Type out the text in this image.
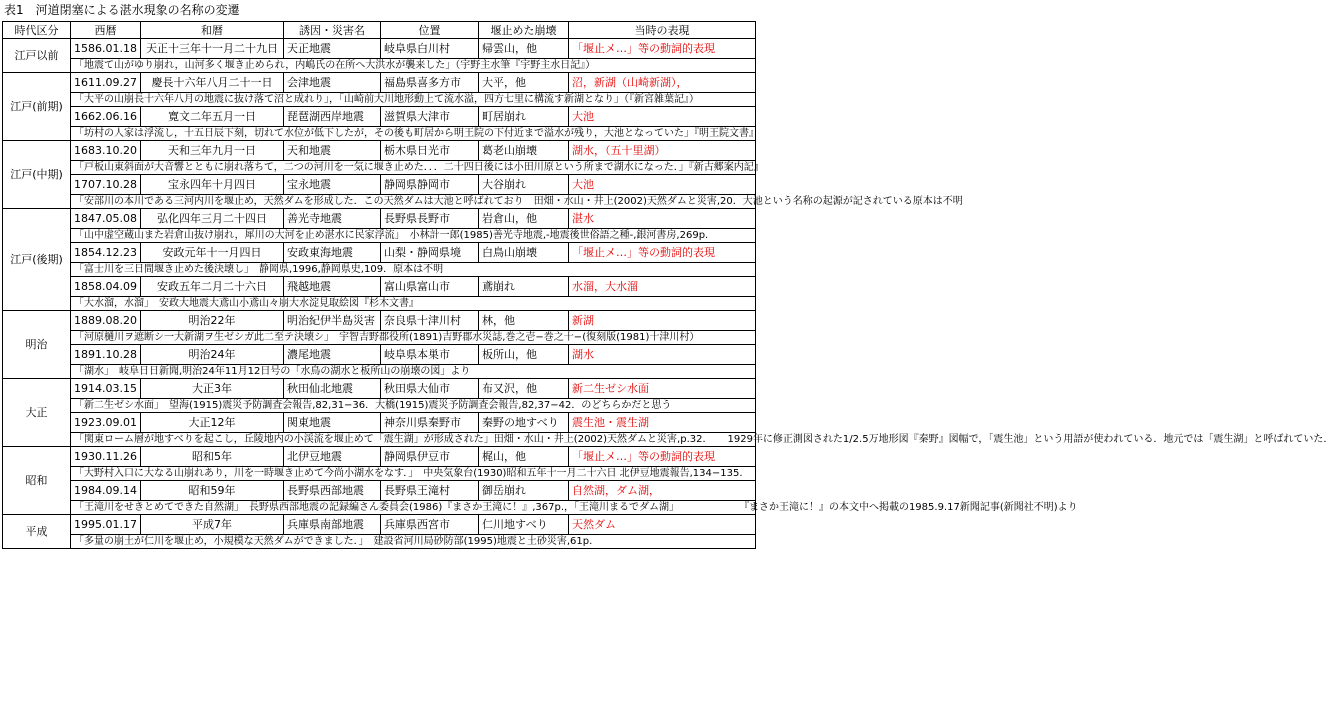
表1　河道閉塞による湛水現象の名称の変遷
時代区分	西暦	和暦	誘因・災害名	位置	堰止めた崩壊	当時の表現
江戸以前	1586.01.18	天正十三年十一月二十九日	天正地震	岐阜県白川村	帰雲山，他	「堰止メ…」等の動詞的表現
	「地震て山がゆり崩れ，山河多く堰き止められ，内嶋氏の在所へ大洪水が襲来した」（宇野主水筆『宇野主水日記』）					
江戸(前期)	1611.09.27	慶長十六年八月二十一日	会津地震	福島県喜多方市	大平，他	沼，新湖（山崎新湖），
	「大平の山崩長十六年八月の地震に抜け落て沼と成れり」，「山崎前大川地形動上て流水溢，四方七里に構流す新湖となり」（『新宮雑葉記』）					
	1662.06.16	寛文二年五月一日	琵琶湖西岸地震	滋賀県大津市	町居崩れ	大池
	「坊村の人家は浮流し，十五日辰下刻，切れて水位が低下したが，その後も町居から明王院の下付近まで溢水が残り，大池となっていた」『明王院文書』					
江戸(中期)	1683.10.20	天和三年九月一日	天和地震	栃木県日光市	葛老山崩壊	湖水，（五十里湖）
	「戸板山東斜面が大音響とともに崩れ落ちて，二つの河川を一気に堰き止めた．．．二十四日後には小田川原という所まで湖水になった．」『新古郷案内記』					
	1707.10.28	宝永四年十月四日	宝永地震	静岡県静岡市	大谷崩れ	大池
	「安部川の本川である三河内川を堰止め，天然ダムを形成した．この天然ダムは大池と呼ばれており　田畑・水山・井上(2002)天然ダムと災害,20．大池という名称の起源が記されている原本は不明					
江戸(後期)	1847.05.08	弘化四年三月二十四日	善光寺地震	長野県長野市	岩倉山，他	湛水
	「山中虚空蔵山また岩倉山抜け崩れ，犀川の大河を止め湛水に民家浮流」　小林計一郎(1985)善光寺地震,-地震後世俗語之種-,銀河書房,269p.					
	1854.12.23	安政元年十一月四日	安政東海地震	山梨・静岡県境	白鳥山崩壊	「堰止メ…」等の動詞的表現
	「富士川を三日間堰き止めた後決壊し」　静岡県,1996,静岡県史,109．原本は不明					
	1858.04.09	安政五年二月二十六日	飛越地震	富山県富山市	鳶崩れ	水溜，大水溜
	「大水溜，水溜」　安政大地震大鳶山小鳶山々崩大水淀見取絵図『杉木文書』					
明治	1889.08.20	明治22年	明治紀伊半島災害	奈良県十津川村	林，他	新湖
	「河原樋川ヲ遮断シ一大新湖ヲ生ゼシガ此二至テ決壊シ」　宇智吉野郡役所(1891)吉野郡水災誌,巻之壱−巻之十−(復刻版(1981)十津川村）					
	1891.10.28	明治24年	濃尾地震	岐阜県本巣市	板所山，他	湖水
	「湖水」　岐阜日日新聞,明治24年11月12日号の「水鳥の湖水と板所山の崩壊の図」より					
大正	1914.03.15	大正3年	秋田仙北地震	秋田県大仙市	布又沢，他	新二生ゼシ水面
	「新二生ゼシ水面」　望海(1915)震災予防調査会報告,82,31−36．大橋(1915)震災予防調査会報告,82,37−42．のどちらかだと思う					
	1923.09.01	大正12年	関東地震	神奈川県秦野市	秦野の地すべり	震生池・震生湖
	「関東ローム層が地すべりを起こし，丘陵地内の小渓流を堰止めて「震生湖」が形成された」田畑・水山・井上(2002)天然ダムと災害,p.32．　　1929年に修正測図された1/2.5万地形図『秦野』図幅で，「震生池」という用語が使われている．地元では「震生湖」と呼ばれていた．					
昭和	1930.11.26	昭和5年	北伊豆地震	静岡県伊豆市	梶山，他	「堰止メ…」等の動詞的表現
	「大野村入口に大なる山崩れあり，川を一時堰き止めて今尚小湖水をなす．」　中央気象台(1930)昭和五年十一月二十六日 北伊豆地震報告,134−135.					
	1984.09.14	昭和59年	長野県西部地震	長野県王滝村	御岳崩れ	自然湖，ダム湖，
	「王滝川をせきとめてできた自然湖」　長野県西部地震の記録編さん委員会(1986)『まさか王滝に！』,367p.，「王滝川まるでダム湖」　　　　　　　『まさか王滝に！』の本文中へ掲載の1985.9.17新聞記事(新聞社不明)より					
平成	1995.01.17	平成7年	兵庫県南部地震	兵庫県西宮市	仁川地すべり	天然ダム
	「多量の崩土が仁川を堰止め，小規模な天然ダムができました．」　建設省河川局砂防部(1995)地震と土砂災害,61p.					
